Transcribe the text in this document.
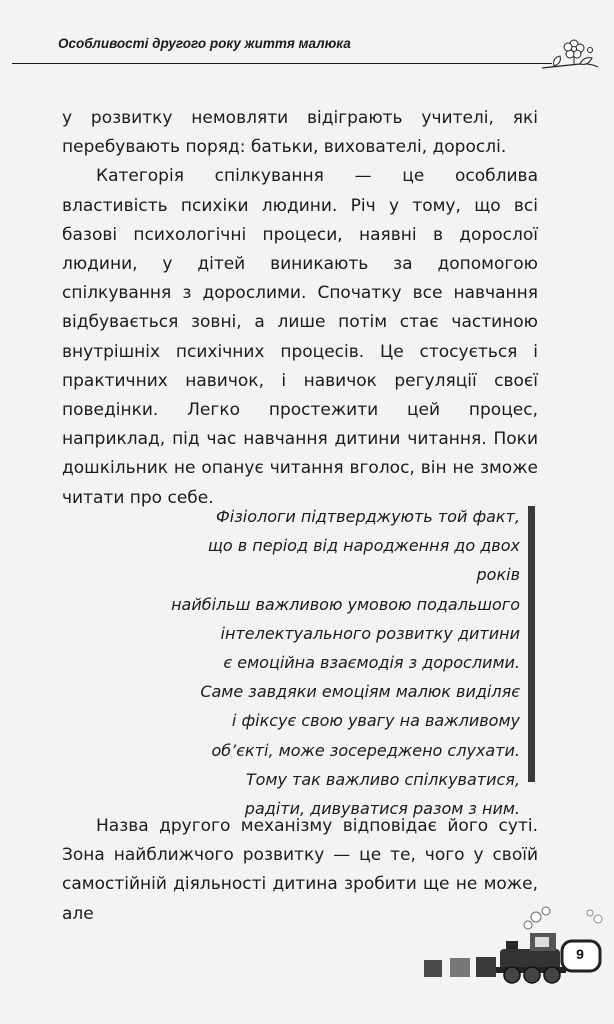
Особливості другого року життя малюка

у розвитку немовляти відіграють учителі, які перебувають поряд: батьки, вихователі, дорослі.

Категорія спілкування — це особлива властивість психіки людини. Річ у тому, що всі базові психологічні процеси, наявні в дорослої людини, у дітей виникають за допомогою спілкування з дорослими. Спочатку все навчання відбувається зовні, а лише потім стає частиною внутрішніх психічних процесів. Це стосується і практичних навичок, і навичок регуляції своєї поведінки. Легко простежити цей процес, наприклад, під час навчання дитини читання. Поки дошкільник не опанує читання вголос, він не зможе читати про себе.

Фізіологи підтверджують той факт,
що в період від народження до двох років
найбільш важливою умовою подальшого
інтелектуального розвитку дитини
є емоційна взаємодія з дорослими.
Саме завдяки емоціям малюк виділяє
і фіксує свою увагу на важливому
об’єкті, може зосереджено слухати.
Тому так важливо спілкуватися,
радіти, дивуватися разом з ним.

Назва другого механізму відповідає його суті. Зона найближчого розвитку — це те, чого у своїй самостійній діяльності дитина зробити ще не може, але

9
